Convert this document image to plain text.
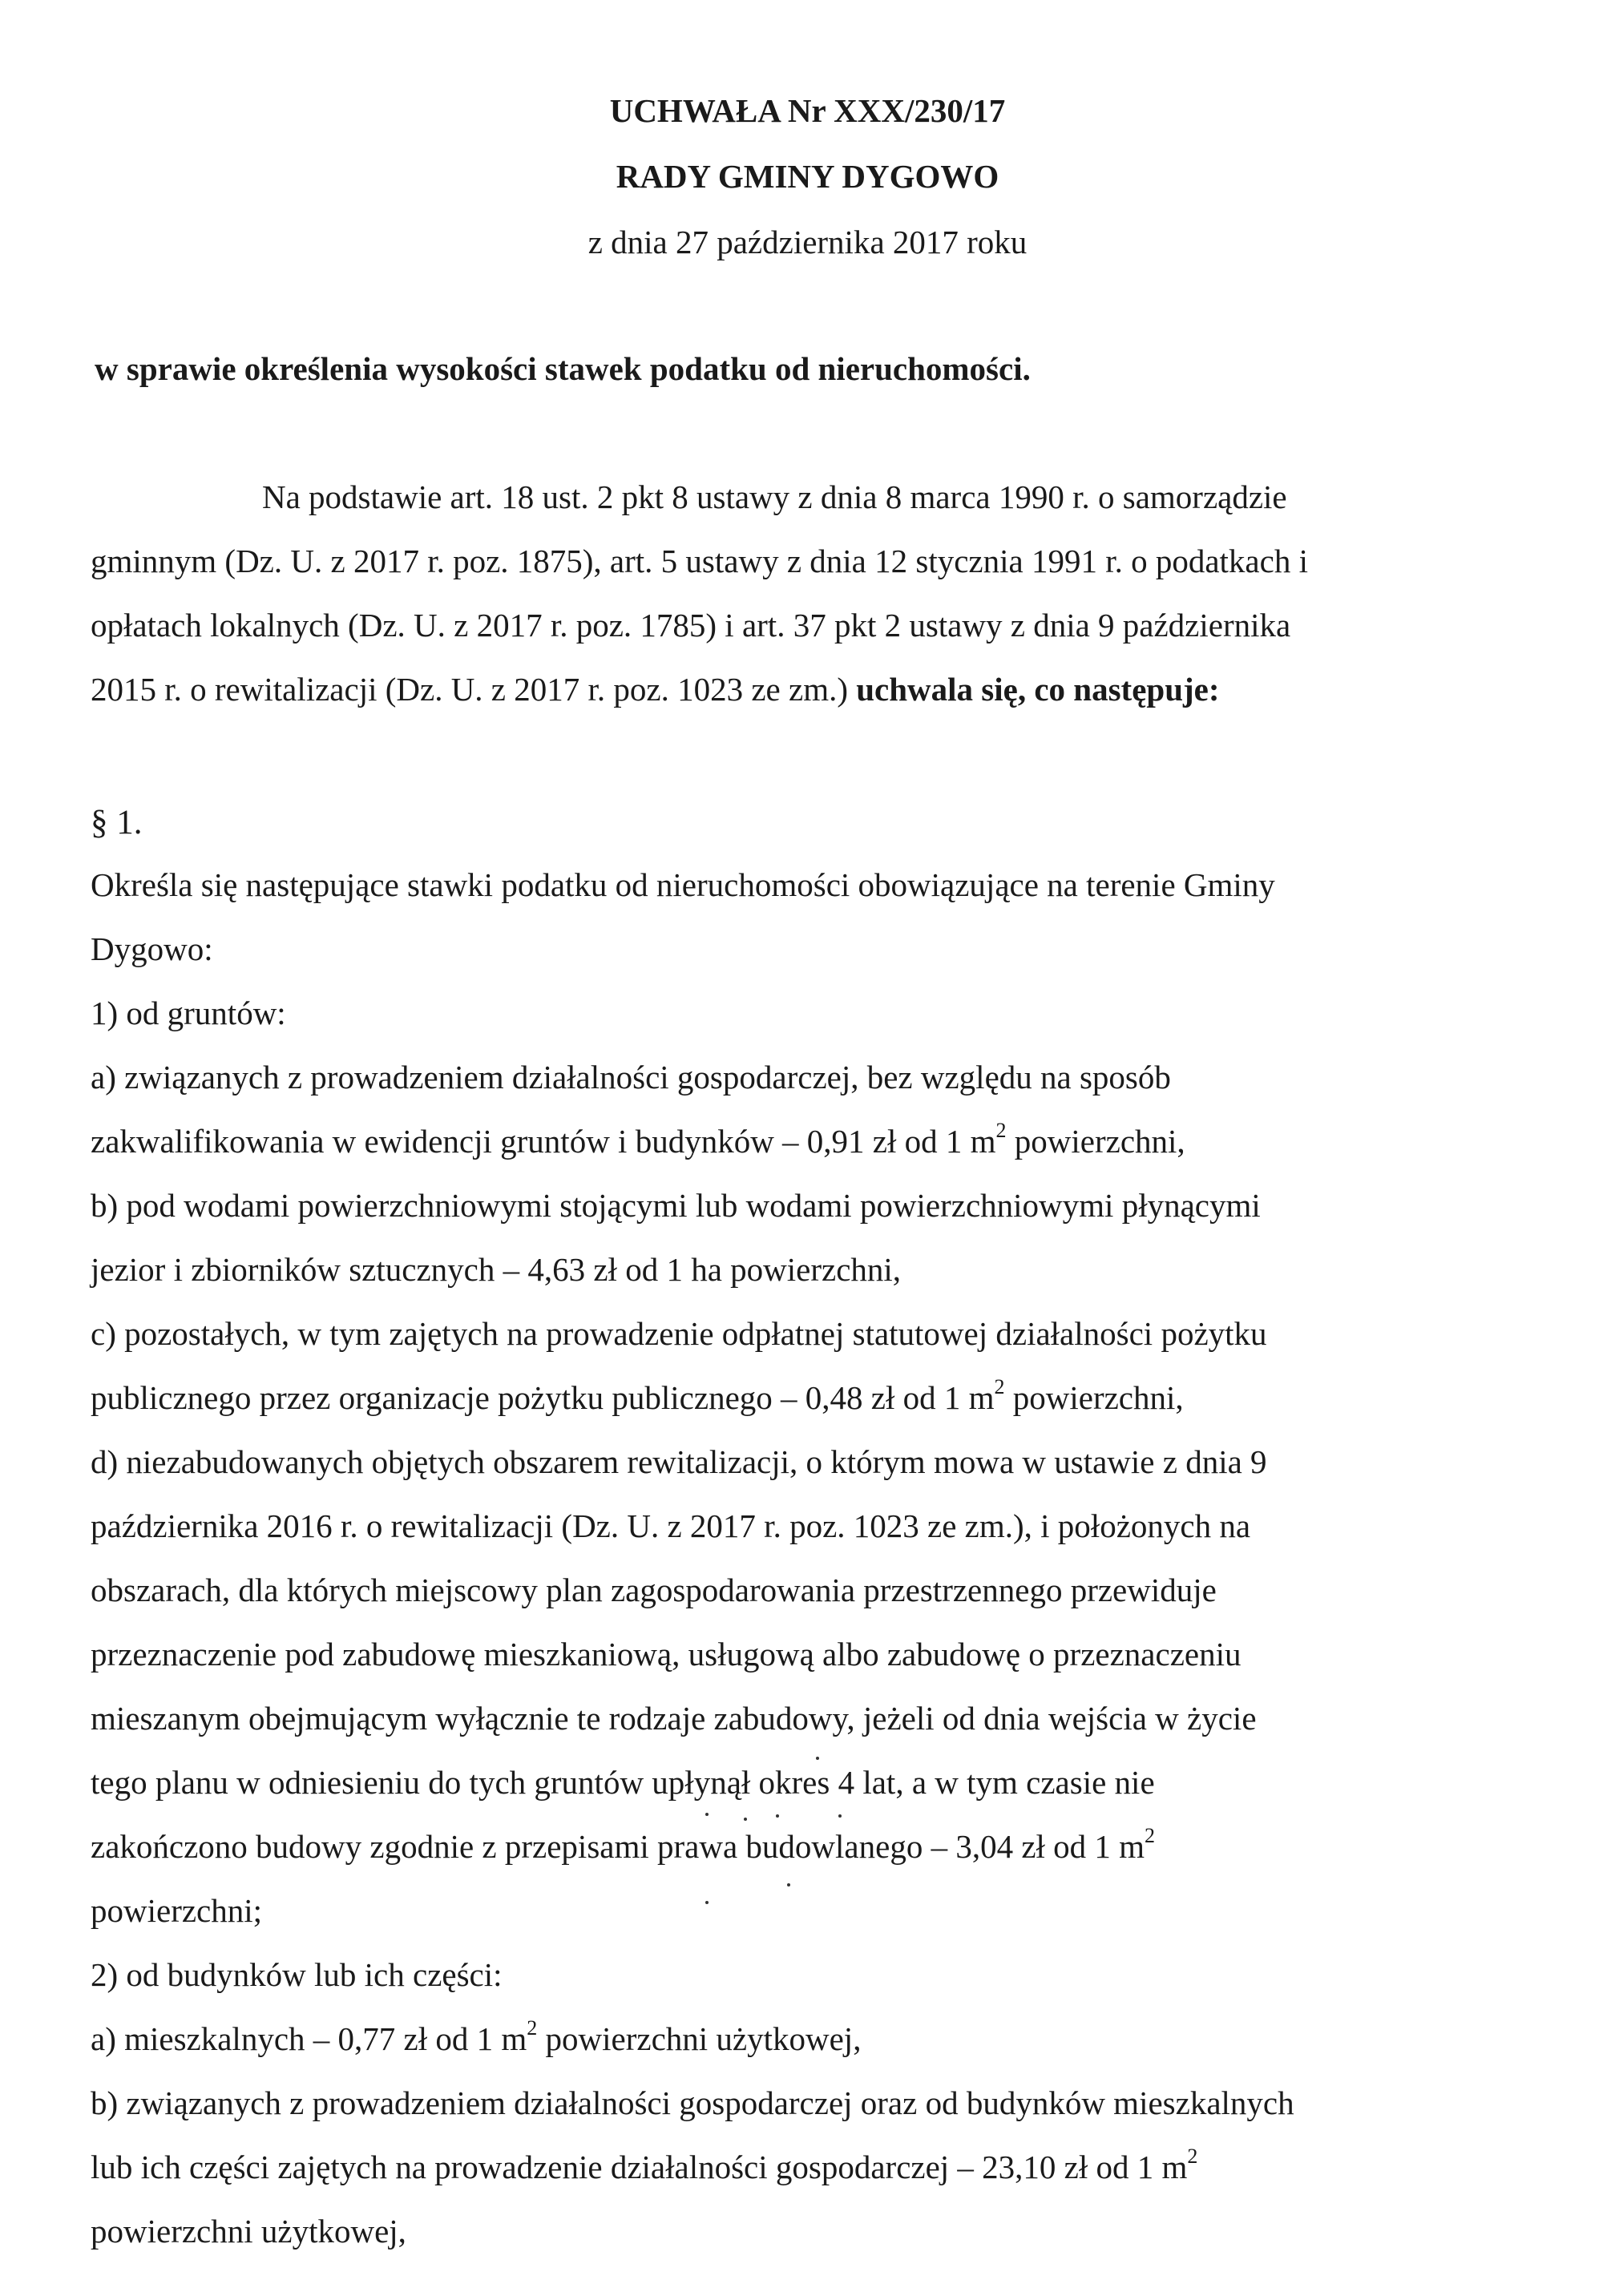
UCHWAŁA Nr XXX/230/17
RADY GMINY DYGOWO
z dnia 27 października 2017 roku
w sprawie określenia wysokości stawek podatku od nieruchomości.
Na podstawie art. 18 ust. 2 pkt 8 ustawy z dnia 8 marca 1990 r. o samorządzie
gminnym (Dz. U. z 2017 r. poz. 1875), art. 5 ustawy z dnia 12 stycznia 1991 r. o podatkach i
opłatach lokalnych (Dz. U. z 2017 r. poz. 1785) i art. 37 pkt 2 ustawy z dnia 9 października
2015 r. o rewitalizacji (Dz. U. z 2017 r. poz. 1023 ze zm.) uchwala się, co następuje:
§ 1.
Określa się następujące stawki podatku od nieruchomości obowiązujące na terenie Gminy
Dygowo:
1) od gruntów:
a) związanych z prowadzeniem działalności gospodarczej, bez względu na sposób
zakwalifikowania w ewidencji gruntów i budynków – 0,91 zł od 1 $m^2$ powierzchni,
b) pod wodami powierzchniowymi stojącymi lub wodami powierzchniowymi płynącymi
jezior i zbiorników sztucznych – 4,63 zł od 1 ha powierzchni,
c) pozostałych, w tym zajętych na prowadzenie odpłatnej statutowej działalności pożytku
publicznego przez organizacje pożytku publicznego – 0,48 zł od 1 $m^2$ powierzchni,
d) niezabudowanych objętych obszarem rewitalizacji, o którym mowa w ustawie z dnia 9
października 2016 r. o rewitalizacji (Dz. U. z 2017 r. poz. 1023 ze zm.), i położonych na
obszarach, dla których miejscowy plan zagospodarowania przestrzennego przewiduje
przeznaczenie pod zabudowę mieszkaniową, usługową albo zabudowę o przeznaczeniu
mieszanym obejmującym wyłącznie te rodzaje zabudowy, jeżeli od dnia wejścia w życie
tego planu w odniesieniu do tych gruntów upłynął okres 4 lat, a w tym czasie nie
zakończono budowy zgodnie z przepisami prawa budowlanego – 3,04 zł od 1 $m^2$
powierzchni;
2) od budynków lub ich części:
a) mieszkalnych – 0,77 zł od 1 $m^2$ powierzchni użytkowej,
b) związanych z prowadzeniem działalności gospodarczej oraz od budynków mieszkalnych
lub ich części zajętych na prowadzenie działalności gospodarczej – 23,10 zł od 1 $m^2$
powierzchni użytkowej,
